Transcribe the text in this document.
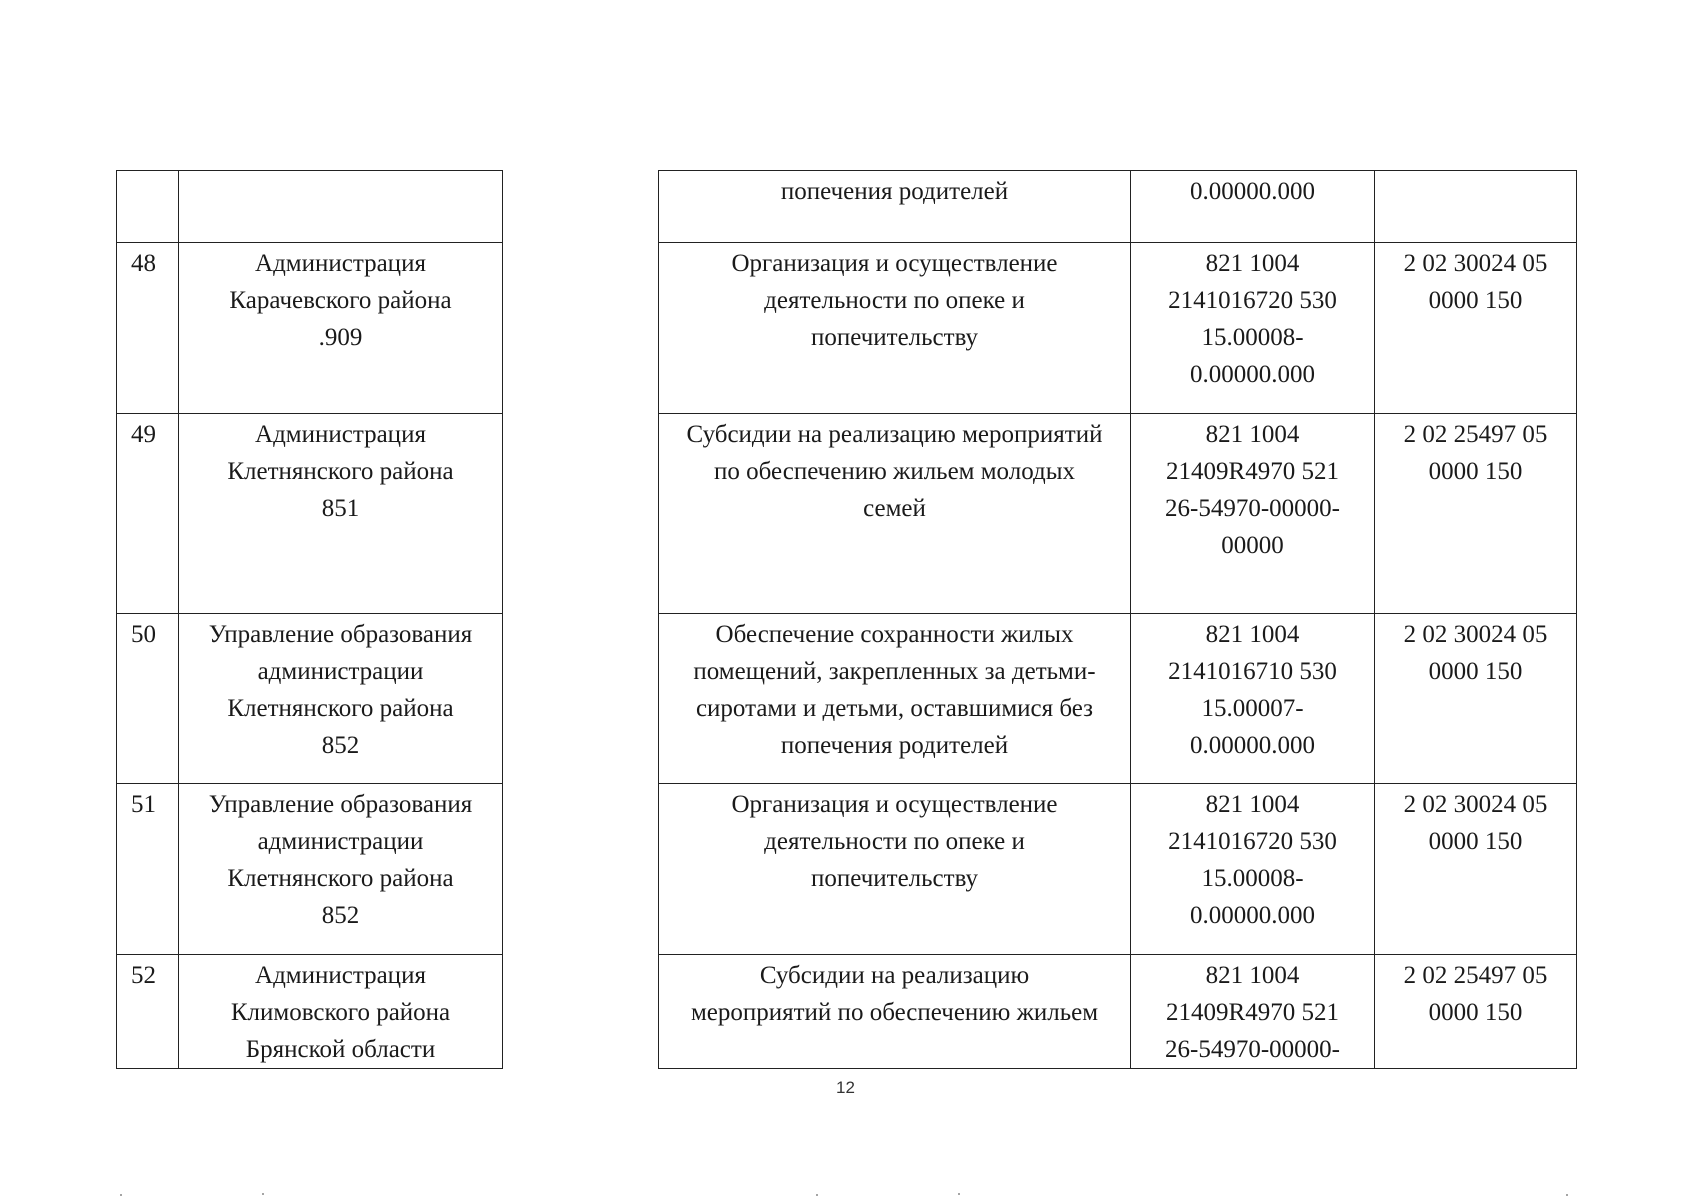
			попечения родителей	0.00000.000	

48	Администрация
Карачевского района
.909		Организация и осуществление
деятельности по опеке и
попечительству	821 1004
2141016720 530
15.00008-
0.00000.000	2 02 30024 05
0000 150

49	Администрация
Клетнянского района
851		Субсидии на реализацию мероприятий
по обеспечению жильем молодых
семей	821 1004
21409R4970 521
26-54970-00000-
00000	2 02 25497 05
0000 150

50	Управление образования
администрации
Клетнянского района
852		Обеспечение сохранности жилых
помещений, закрепленных за детьми-
сиротами и детьми, оставшимися без
попечения родителей	821 1004
2141016710 530
15.00007-
0.00000.000	2 02 30024 05
0000 150

51	Управление образования
администрации
Клетнянского района
852		Организация и осуществление
деятельности по опеке и
попечительству	821 1004
2141016720 530
15.00008-
0.00000.000	2 02 30024 05
0000 150

52	Администрация
Климовского района
Брянской области		Субсидии на реализацию
мероприятий по обеспечению жильем	821 1004
21409R4970 521
26-54970-00000-	2 02 25497 05
0000 150
12
